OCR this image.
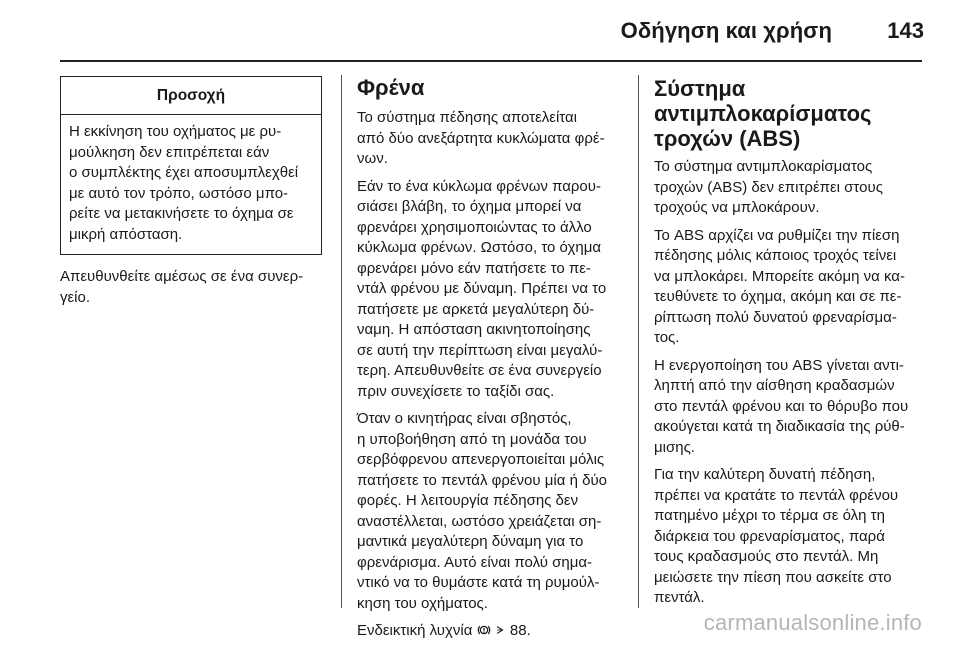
Οδήγηση και χρήση	143
Προσοχή

Η εκκίνηση του οχήματος με ρυ-
μούλκηση δεν επιτρέπεται εάν
ο συμπλέκτης έχει αποσυμπλεχθεί
με αυτό τον τρόπο, ωστόσο μπο-
ρείτε να μετακινήσετε το όχημα σε
μικρή απόσταση.

Απευθυνθείτε αμέσως σε ένα συνερ-
γείο.

Φρένα

Το σύστημα πέδησης αποτελείται
από δύο ανεξάρτητα κυκλώματα φρέ-
νων.

Εάν το ένα κύκλωμα φρένων παρου-
σιάσει βλάβη, το όχημα μπορεί να
φρενάρει χρησιμοποιώντας το άλλο
κύκλωμα φρένων. Ωστόσο, το όχημα
φρενάρει μόνο εάν πατήσετε το πε-
ντάλ φρένου με δύναμη. Πρέπει να το
πατήσετε με αρκετά μεγαλύτερη δύ-
ναμη. Η απόσταση ακινητοποίησης
σε αυτή την περίπτωση είναι μεγαλύ-
τερη. Απευθυνθείτε σε ένα συνεργείο
πριν συνεχίσετε το ταξίδι σας.

Όταν ο κινητήρας είναι σβηστός,
η υποβοήθηση από τη μονάδα του
σερβόφρενου απενεργοποιείται μόλις
πατήσετε το πεντάλ φρένου μία ή δύο
φορές. Η λειτουργία πέδησης δεν
αναστέλλεται, ωστόσο χρειάζεται ση-
μαντικά μεγαλύτερη δύναμη για το
φρενάρισμα. Αυτό είναι πολύ σημα-
ντικό να το θυμάστε κατά τη ρυμούλ-
κηση του οχήματος.

Ενδεικτική λυχνία	88.

Σύστημα
αντιμπλοκαρίσματος
τροχών (ABS)

Το σύστημα αντιμπλοκαρίσματος
τροχών (ABS) δεν επιτρέπει στους
τροχούς να μπλοκάρουν.

Το ABS αρχίζει να ρυθμίζει την πίεση
πέδησης μόλις κάποιος τροχός τείνει
να μπλοκάρει. Μπορείτε ακόμη να κα-
τευθύνετε το όχημα, ακόμη και σε πε-
ρίπτωση πολύ δυνατού φρεναρίσμα-
τος.

Η ενεργοποίηση του ABS γίνεται αντι-
ληπτή από την αίσθηση κραδασμών
στο πεντάλ φρένου και το θόρυβο που
ακούγεται κατά τη διαδικασία της ρύθ-
μισης.

Για την καλύτερη δυνατή πέδηση,
πρέπει να κρατάτε το πεντάλ φρένου
πατημένο μέχρι το τέρμα σε όλη τη
διάρκεια του φρεναρίσματος, παρά
τους κραδασμούς στο πεντάλ. Μη
μειώσετε την πίεση που ασκείτε στο
πεντάλ.

carmanualsonline.info
